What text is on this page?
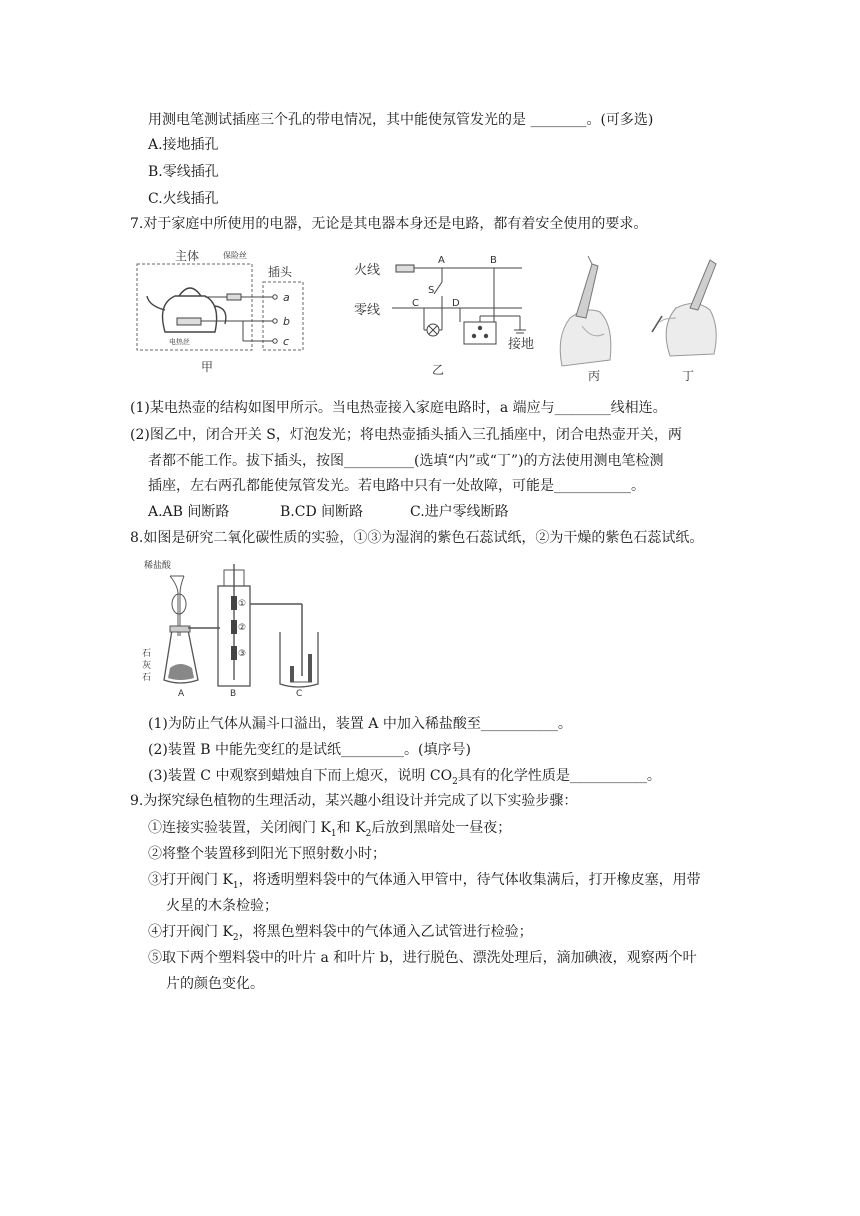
用测电笔测试插座三个孔的带电情况，其中能使氖管发光的是 ________。(可多选)
A.接地插孔
B.零线插孔
C.火线插孔
7.对于家庭中所使用的电器，无论是其电器本身还是电路，都有着安全使用的要求。
主体	保险丝
插头
电热丝
a
b
c
甲
火线
零线
A	B
S
C	D
接地
乙	丙	丁
(1)某电热壶的结构如图甲所示。当电热壶接入家庭电路时，a 端应与________线相连。
(2)图乙中，闭合开关 S，灯泡发光；将电热壶插头插入三孔插座中，闭合电热壶开关，两
者都不能工作。拔下插头，按图__________(选填“内”或“丁”)的方法使用测电笔检测
插座，左右两孔都能使氖管发光。若电路中只有一处故障，可能是___________。
A.AB 间断路	B.CD 间断路	C.进户零线断路
8.如图是研究二氧化碳性质的实验，①③为湿润的紫色石蕊试纸，②为干燥的紫色石蕊试纸。
稀盐酸
石
灰
石
A
①
②
③
B	C
(1)为防止气体从漏斗口溢出，装置 A 中加入稀盐酸至___________。
(2)装置 B 中能先变红的是试纸_________。(填序号)
(3)装置 C 中观察到蜡烛自下而上熄灭，说明 $CO_2$具有的化学性质是___________。
9.为探究绿色植物的生理活动，某兴趣小组设计并完成了以下实验步骤：
①连接实验装置，关闭阀门 $K_1$和 $K_2$后放到黑暗处一昼夜；
②将整个装置移到阳光下照射数小时；
③打开阀门 $K_1$，将透明塑料袋中的气体通入甲管中，待气体收集满后，打开橡皮塞，用带
火星的木条检验；
④打开阀门 $K_2$，将黑色塑料袋中的气体通入乙试管进行检验；
⑤取下两个塑料袋中的叶片 a 和叶片 b，进行脱色、漂洗处理后，滴加碘液，观察两个叶
片的颜色变化。
